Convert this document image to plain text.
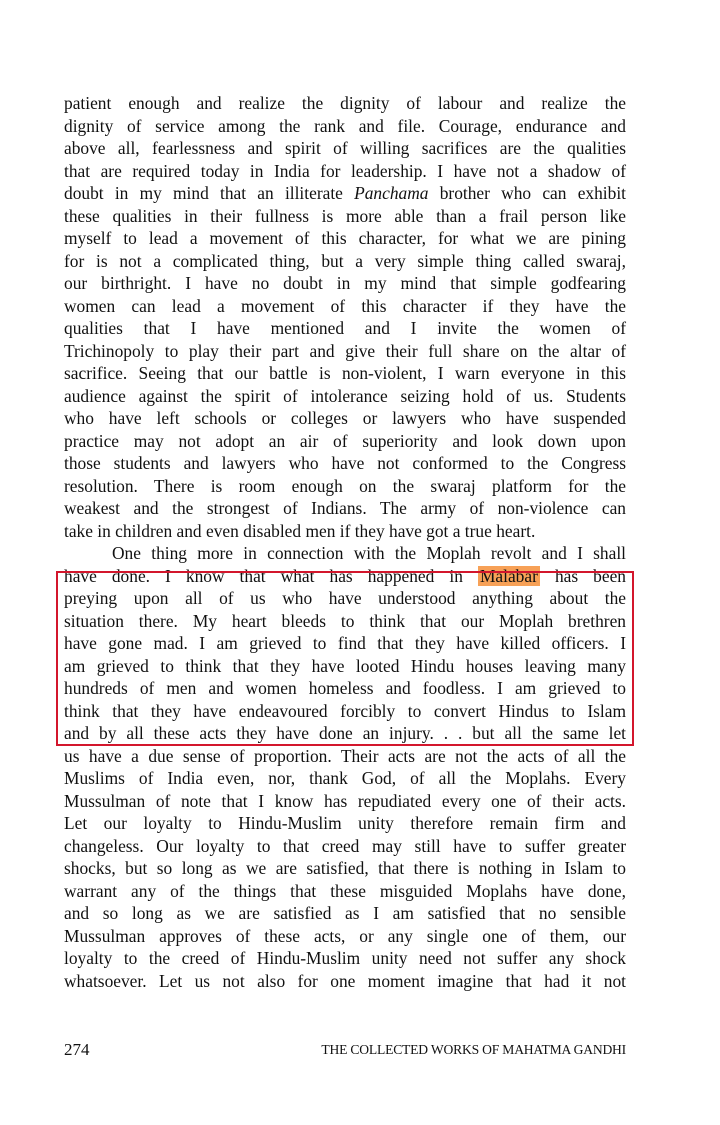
patient enough and realize the dignity of labour and realize the
dignity of service among the rank and file. Courage, endurance and
above all, fearlessness and spirit of willing sacrifices are the qualities
that are required today in India for leadership. I have not a shadow of
doubt in my mind that an illiterate Panchama brother who can exhibit
these qualities in their fullness is more able than a frail person like
myself to lead a movement of this character, for what we are pining
for is not a complicated thing, but a very simple thing called swaraj,
our birthright. I have no doubt in my mind that simple godfearing
women can lead a movement of this character if they have the
qualities that I have mentioned and I invite the women of
Trichinopoly to play their part and give their full share on the altar of
sacrifice. Seeing that our battle is non-violent, I warn everyone in this
audience against the spirit of intolerance seizing hold of us. Students
who have left schools or colleges or lawyers who have suspended
practice may not adopt an air of superiority and look down upon
those students and lawyers who have not conformed to the Congress
resolution. There is room enough on the swaraj platform for the
weakest and the strongest of Indians. The army of non-violence can
take in children and even disabled men if they have got a true heart.
One thing more in connection with the Moplah revolt and I shall
have done. I know that what has happened in Malabar has been
preying upon all of us who have understood anything about the
situation there. My heart bleeds to think that our Moplah brethren
have gone mad. I am grieved to find that they have killed officers. I
am grieved to think that they have looted Hindu houses leaving many
hundreds of men and women homeless and foodless. I am grieved to
think that they have endeavoured forcibly to convert Hindus to Islam
and by all these acts they have done an injury. . . but all the same let
us have a due sense of proportion. Their acts are not the acts of all the
Muslims of India even, nor, thank God, of all the Moplahs. Every
Mussulman of note that I know has repudiated every one of their acts.
Let our loyalty to Hindu-Muslim unity therefore remain firm and
changeless. Our loyalty to that creed may still have to suffer greater
shocks, but so long as we are satisfied, that there is nothing in Islam to
warrant any of the things that these misguided Moplahs have done,
and so long as we are satisfied as I am satisfied that no sensible
Mussulman approves of these acts, or any single one of them, our
loyalty to the creed of Hindu-Muslim unity need not suffer any shock
whatsoever. Let us not also for one moment imagine that had it not
274	THE COLLECTED WORKS OF MAHATMA GANDHI
